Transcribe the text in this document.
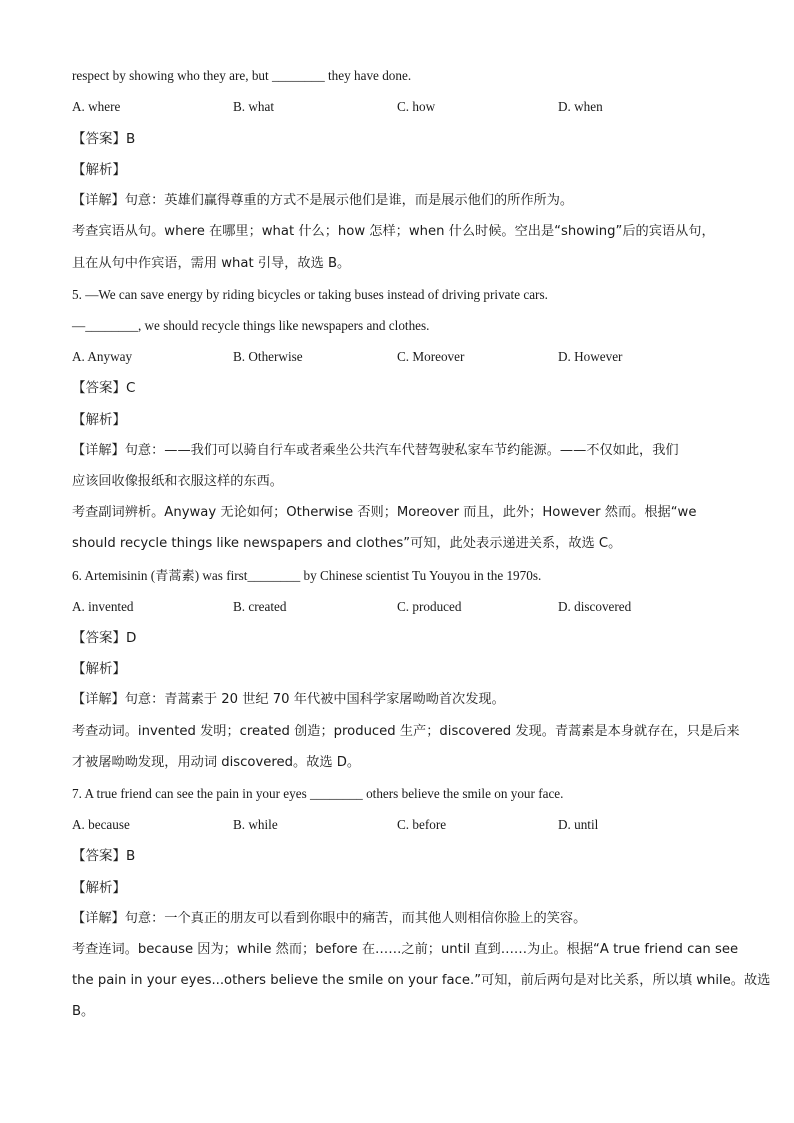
respect by showing who they are, but ________ they have done.
A. where	B. what	C. how	D. when
【答案】B
【解析】
【详解】句意：英雄们赢得尊重的方式不是展示他们是谁，而是展示他们的所作所为。
考查宾语从句。where 在哪里；what 什么；how 怎样；when 什么时候。空出是“showing”后的宾语从句，
且在从句中作宾语，需用 what 引导，故选 B。
5. —We can save energy by riding bicycles or taking buses instead of driving private cars.
—________, we should recycle things like newspapers and clothes.
A. Anyway	B. Otherwise	C. Moreover	D. However
【答案】C
【解析】
【详解】句意：——我们可以骑自行车或者乘坐公共汽车代替驾驶私家车节约能源。——不仅如此，我们
应该回收像报纸和衣服这样的东西。
考查副词辨析。Anyway 无论如何；Otherwise 否则；Moreover 而且，此外；However 然而。根据“we
should recycle things like newspapers and clothes”可知，此处表示递进关系，故选 C。
6. Artemisinin (青蒿素) was first________ by Chinese scientist Tu Youyou in the 1970s.
A. invented	B. created	C. produced	D. discovered
【答案】D
【解析】
【详解】句意：青蒿素于 20 世纪 70 年代被中国科学家屠呦呦首次发现。
考查动词。invented 发明；created 创造；produced 生产；discovered 发现。青蒿素是本身就存在，只是后来
才被屠呦呦发现，用动词 discovered。故选 D。
7. A true friend can see the pain in your eyes ________ others believe the smile on your face.
A. because	B. while	C. before	D. until
【答案】B
【解析】
【详解】句意：一个真正的朋友可以看到你眼中的痛苦，而其他人则相信你脸上的笑容。
考查连词。because 因为；while 然而；before 在……之前；until 直到……为止。根据“A true friend can see
the pain in your eyes...others believe the smile on your face.”可知，前后两句是对比关系，所以填 while。故选
B。
